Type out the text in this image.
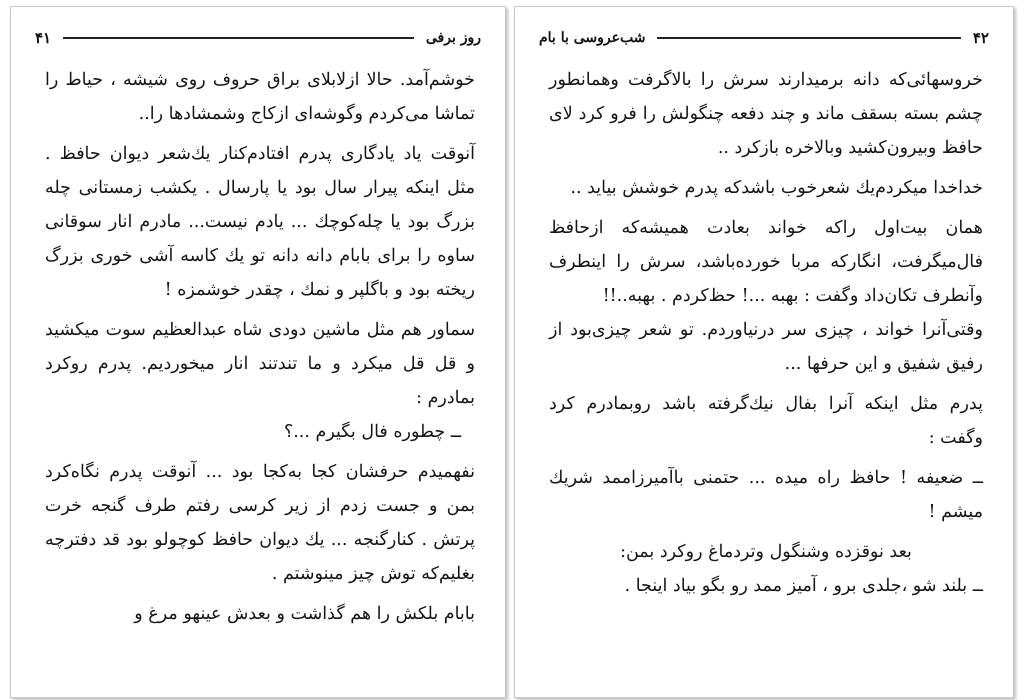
۴۱	روز برفی

خوشم‌آمد. حالا ازلابلای براق حروف روی شیشه ، حیاط را تماشا می‌کردم وگوشه‌ای ازکاج وشمشادها را..

آنوقت یاد یادگاری پدرم افتادم‌کنار یك‌شعر دیوان حافظ . مثل اینکه پیرار سال بود یا پارسال . یکشب زمستانی چله بزرگ بود یا چله‌کوچك ... یادم نیست... مادرم انار سوقانی ساوه را برای بابام دانه دانه تو یك کاسه آشی خوری بزرگ ریخته بود و باگلپر و نمك ، چقدر خوشمزه !

سماور هم مثل ماشین دودی شاه عبدالعظیم سوت میکشید و قل قل میکرد و ما تندتند انار میخوردیم. پدرم روکرد بمادرم :

ــ چطوره فال بگیرم ...؟

نفهمیدم حرفشان کجا به‌کجا بود ... آنوقت پدرم نگاه‌کرد بمن و جست زدم از زیر کرسی رفتم طرف گنجه خرت پرتش . کنارگنجه ... یك دیوان حافظ کوچولو بود قد دفترچه بغلیم‌که توش چیز مینوشتم .

بابام بلکش را هم گذاشت و بعدش عینهو مرغ و

شب‌عروسی با بام	۴۲

خروسهائی‌که دانه برمیدارند سرش را بالاگرفت وهمانطور چشم بسته بسقف ماند و چند دفعه چنگولش را فرو کرد لای حافظ وبیرون‌کشید وبالاخره بازکرد ..

خداخدا میکردم‌یك شعرخوب باشدکه پدرم خوشش بیاید ..

همان بیت‌اول راکه خواند بعادت همیشه‌که ازحافظ فال‌میگرفت، انگارکه مربا خورده‌باشد، سرش را اینطرف وآنطرف تکان‌داد وگفت : بهبه ...! حظ‌کردم . بهبه..!!

وقتی‌آنرا خواند ، چیزی سر درنیاوردم. تو شعر چیزی‌بود از رفیق شفیق و این حرفها ...

پدرم مثل اینکه آنرا بفال نیك‌گرفته باشد روبمادرم کرد وگفت :

ــ ضعیفه ! حافظ راه میده ... حتمنی باآمیرزاممد شریك میشم !

بعد نوقزده وشنگول وتردماغ روکرد بمن:

ــ بلند شو ،جلدی برو ، آمیز ممد رو بگو بیاد اینجا .
